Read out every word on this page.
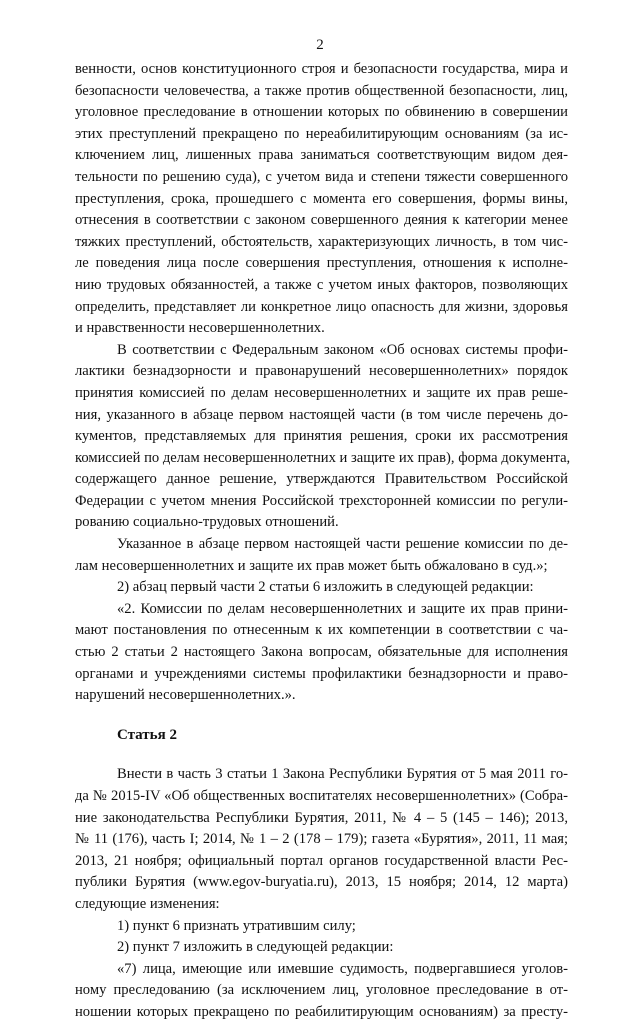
2
венности, основ конституционного строя и безопасности государства, мира и
безопасности человечества, а также против общественной безопасности, лиц,
уголовное преследование в отношении которых по обвинению в совершении
этих преступлений прекращено по нереабилитирующим основаниям (за ис-
ключением лиц, лишенных права заниматься соответствующим видом дея-
тельности по решению суда), с учетом вида и степени тяжести совершенного
преступления, срока, прошедшего с момента его совершения, формы вины,
отнесения в соответствии с законом совершенного деяния к категории менее
тяжких преступлений, обстоятельств, характеризующих личность, в том чис-
ле поведения лица после совершения преступления, отношения к исполне-
нию трудовых обязанностей, а также с учетом иных факторов, позволяющих
определить, представляет ли конкретное лицо опасность для жизни, здоровья
и нравственности несовершеннолетних.
В соответствии с Федеральным законом «Об основах системы профи-
лактики безнадзорности и правонарушений несовершеннолетних» порядок
принятия комиссией по делам несовершеннолетних и защите их прав реше-
ния, указанного в абзаце первом настоящей части (в том числе перечень до-
кументов, представляемых для принятия решения, сроки их рассмотрения
комиссией по делам несовершеннолетних и защите их прав), форма документа,
содержащего данное решение, утверждаются Правительством Российской
Федерации с учетом мнения Российской трехсторонней комиссии по регули-
рованию социально-трудовых отношений.
Указанное в абзаце первом настоящей части решение комиссии по де-
лам несовершеннолетних и защите их прав может быть обжаловано в суд.»;
2) абзац первый части 2 статьи 6 изложить в следующей редакции:
«2. Комиссии по делам несовершеннолетних и защите их прав прини-
мают постановления по отнесенным к их компетенции в соответствии с ча-
стью 2 статьи 2 настоящего Закона вопросам, обязательные для исполнения
органами и учреждениями системы профилактики безнадзорности и право-
нарушений несовершеннолетних.».
Статья 2
Внести в часть 3 статьи 1 Закона Республики Бурятия от 5 мая 2011 го-
да № 2015-IV «Об общественных воспитателях несовершеннолетних» (Собра-
ние законодательства Республики Бурятия, 2011, № 4 – 5 (145 – 146); 2013,
№ 11 (176), часть I; 2014, № 1 – 2 (178 – 179); газета «Бурятия», 2011, 11 мая;
2013, 21 ноября; официальный портал органов государственной власти Рес-
публики Бурятия (www.egov-buryatia.ru), 2013, 15 ноября; 2014, 12 марта)
следующие изменения:
1) пункт 6 признать утратившим силу;
2) пункт 7 изложить в следующей редакции:
«7) лица, имеющие или имевшие судимость, подвергавшиеся уголов-
ному преследованию (за исключением лиц, уголовное преследование в от-
ношении которых прекращено по реабилитирующим основаниям) за престу-
